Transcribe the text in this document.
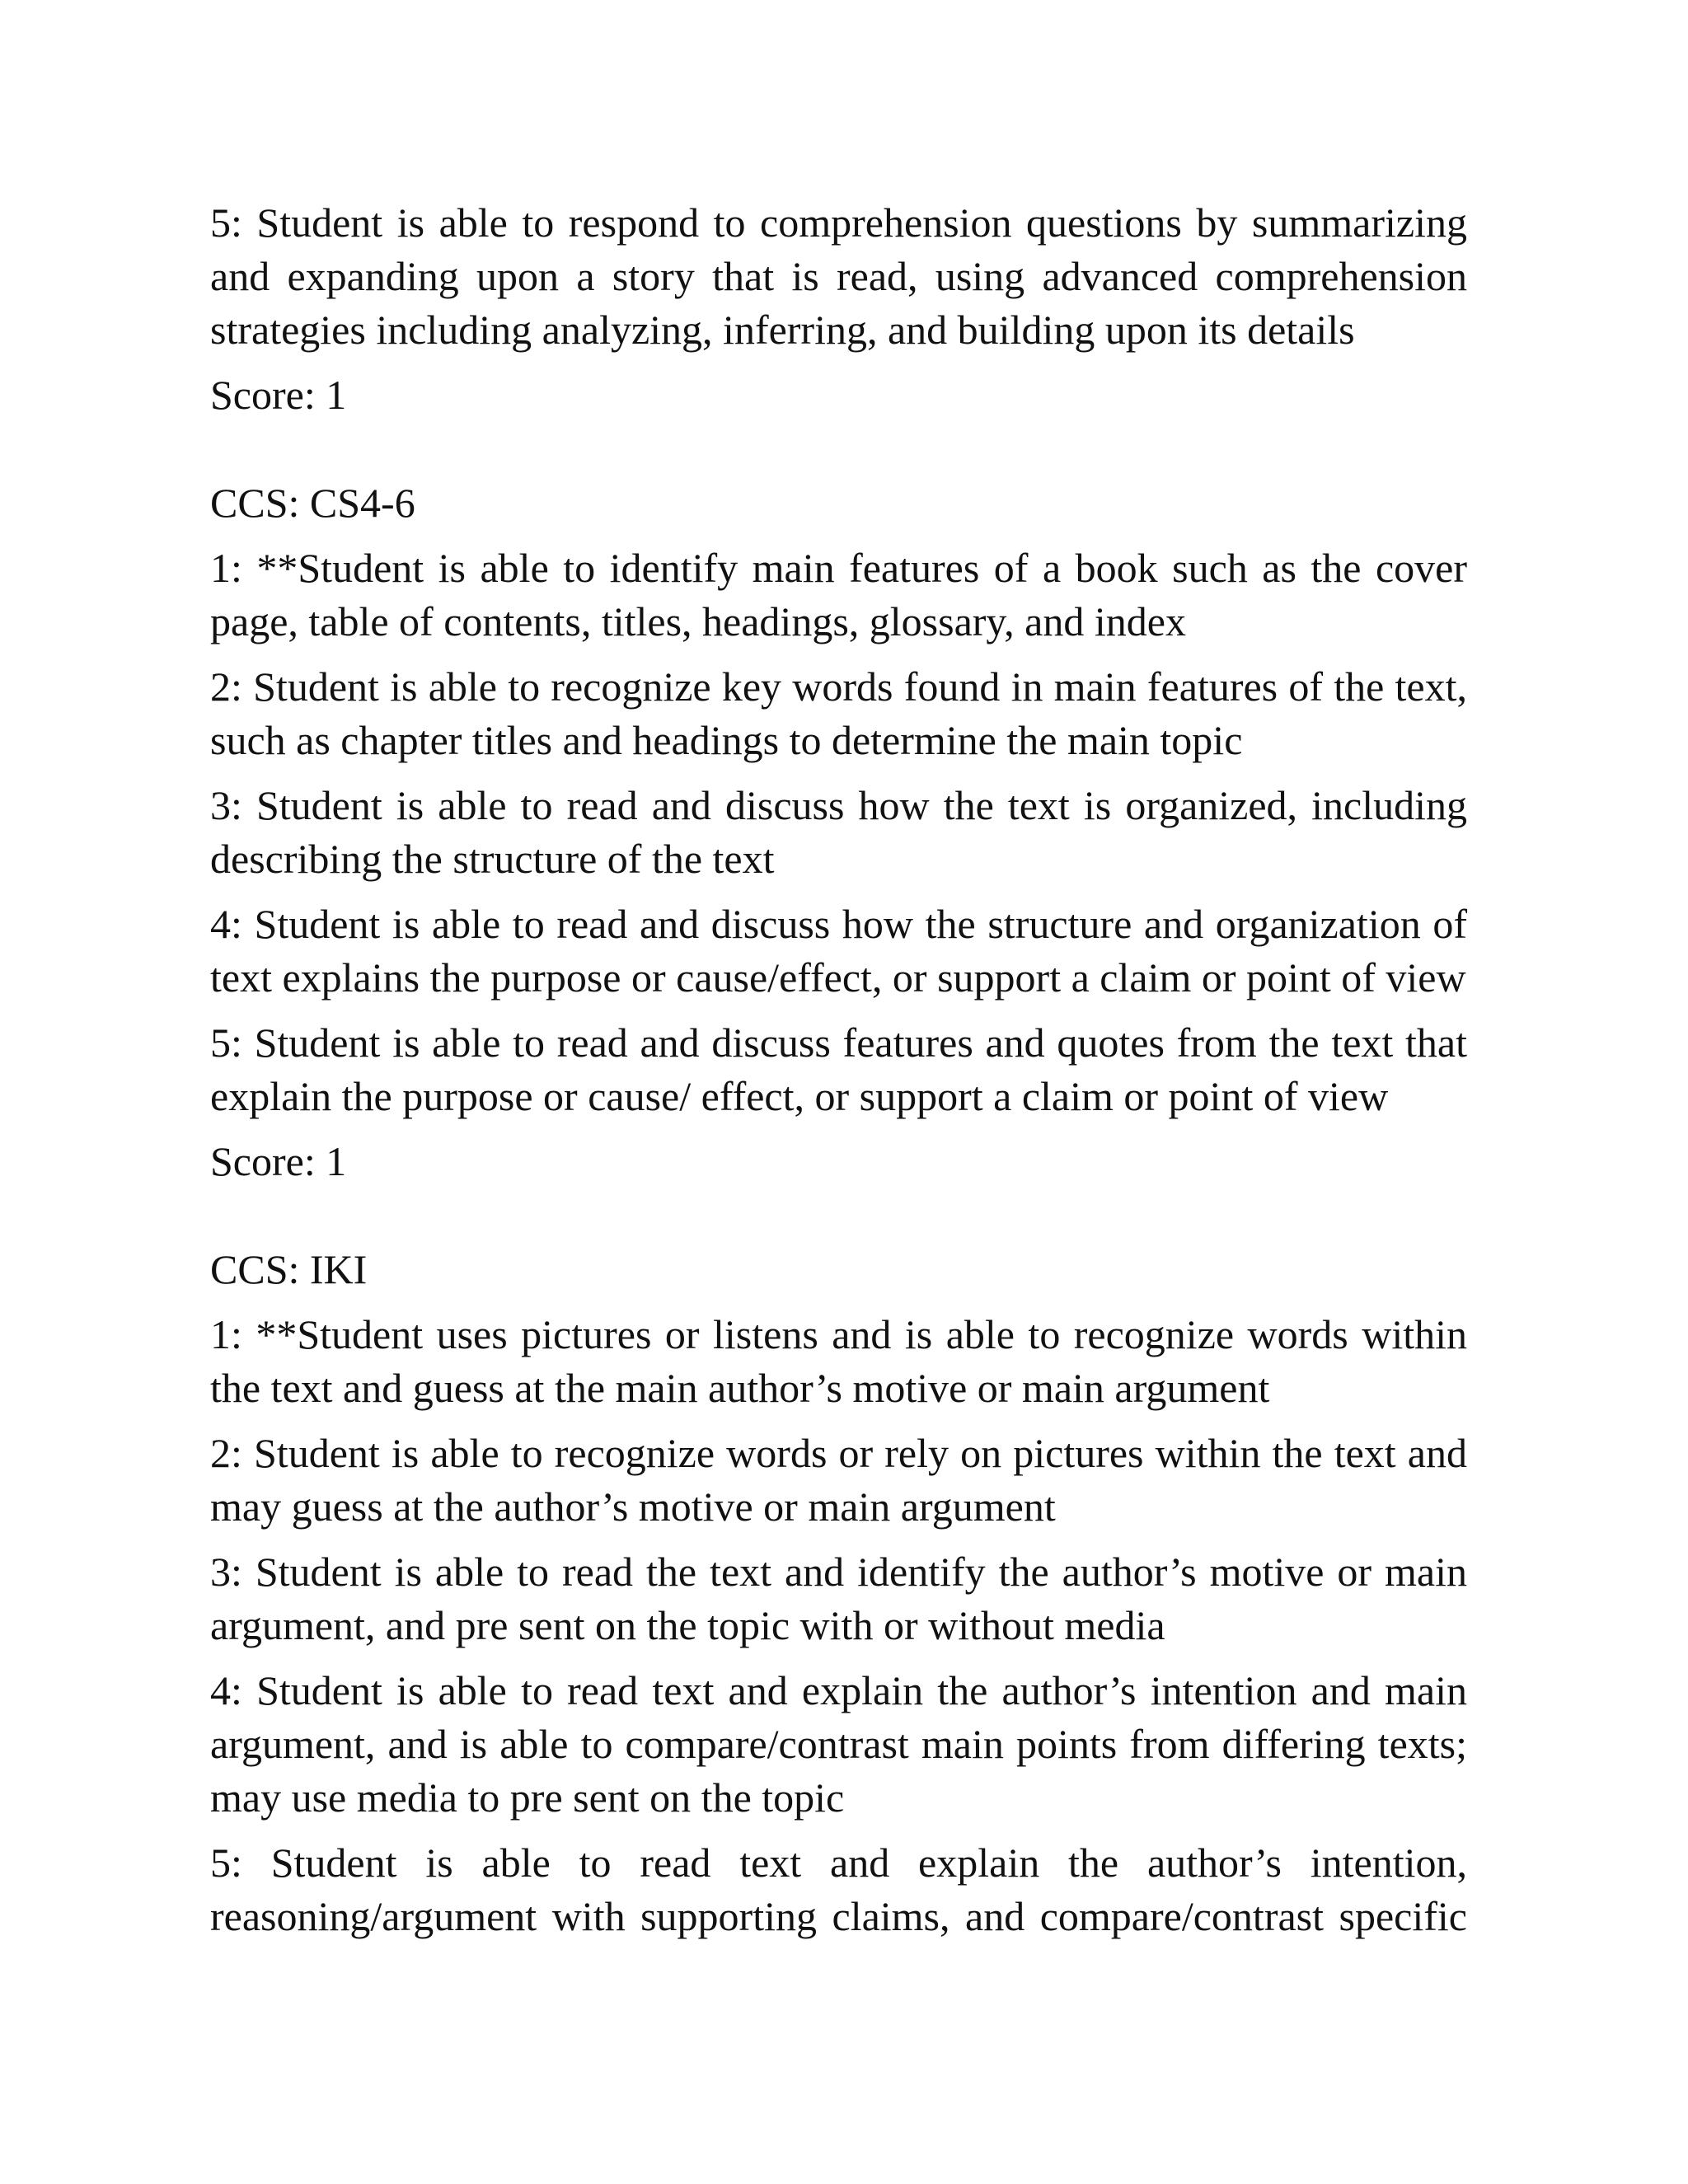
5: Student is able to respond to comprehension questions by summarizing and expanding upon a story that is read, using advanced comprehension strategies including analyzing, inferring, and building upon its details

Score: 1

CCS: CS4-6

1: **Student is able to identify main features of a book such as the cover page, table of contents, titles, headings, glossary, and index

2: Student is able to recognize key words found in main features of the text, such as chapter titles and headings to determine the main topic

3: Student is able to read and discuss how the text is organized, including describing the structure of the text

4: Student is able to read and discuss how the structure and organization of text explains the purpose or cause/effect, or support a claim or point of view

5: Student is able to read and discuss features and quotes from the text that explain the purpose or cause/ effect, or support a claim or point of view

Score: 1

CCS: IKI

1: **Student uses pictures or listens and is able to recognize words within the text and guess at the main author’s motive or main argument

2: Student is able to recognize words or rely on pictures within the text and may guess at the author’s motive or main argument

3: Student is able to read the text and identify the author’s motive or main argument, and pre sent on the topic with or without media

4: Student is able to read text and explain the author’s intention and main argument, and is able to compare/contrast main points from differing texts; may use media to pre sent on the topic

5: Student is able to read text and explain the author’s intention, reasoning/argument with supporting claims, and compare/contrast specific
